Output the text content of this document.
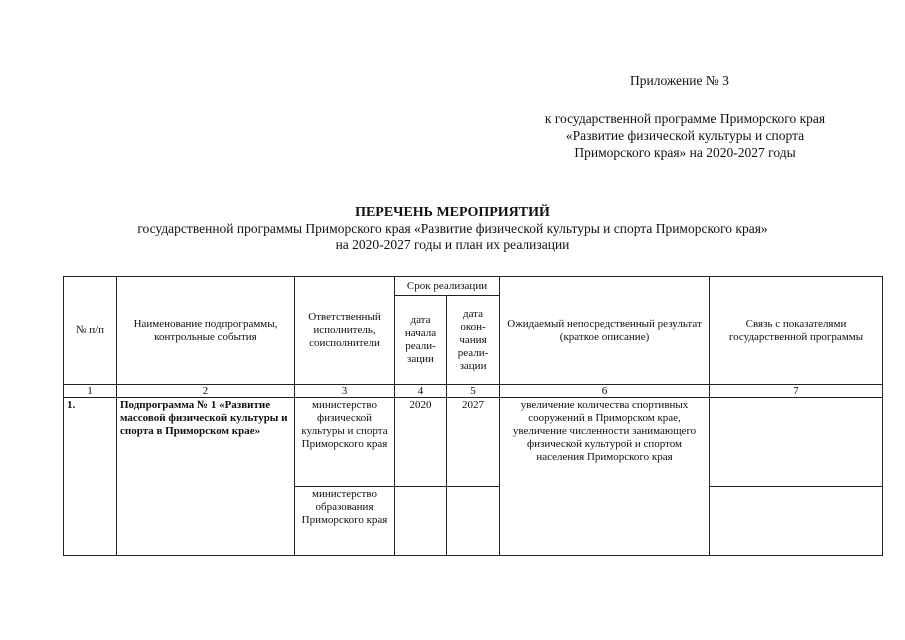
Приложение № 3
к государственной программе Приморского края
«Развитие физической культуры и спорта
Приморского края» на 2020-2027 годы
ПЕРЕЧЕНЬ МЕРОПРИЯТИЙ
государственной программы Приморского края «Развитие физической культуры и спорта Приморского края»
на 2020-2027 годы и план их реализации
№ п/п	Наименование подпрограммы, контрольные события	Ответственный исполнитель, соисполнители	Срок реализации		Ожидаемый непосредственный результат (краткое описание)	Связь с показателями государственной программы
			дата начала реали-зации	дата окон-чания реали-зации		
1	2	3	4	5	6	7
1.	Подпрограмма № 1 «Развитие массовой физической культуры и спорта в Приморском крае»	министерство физической культуры и спорта Приморского края	2020	2027	увеличение количества спортивных сооружений в Приморском крае, увеличение численности занимающего физической культурой и спортом населения Приморского края	
		министерство образования Приморского края				
